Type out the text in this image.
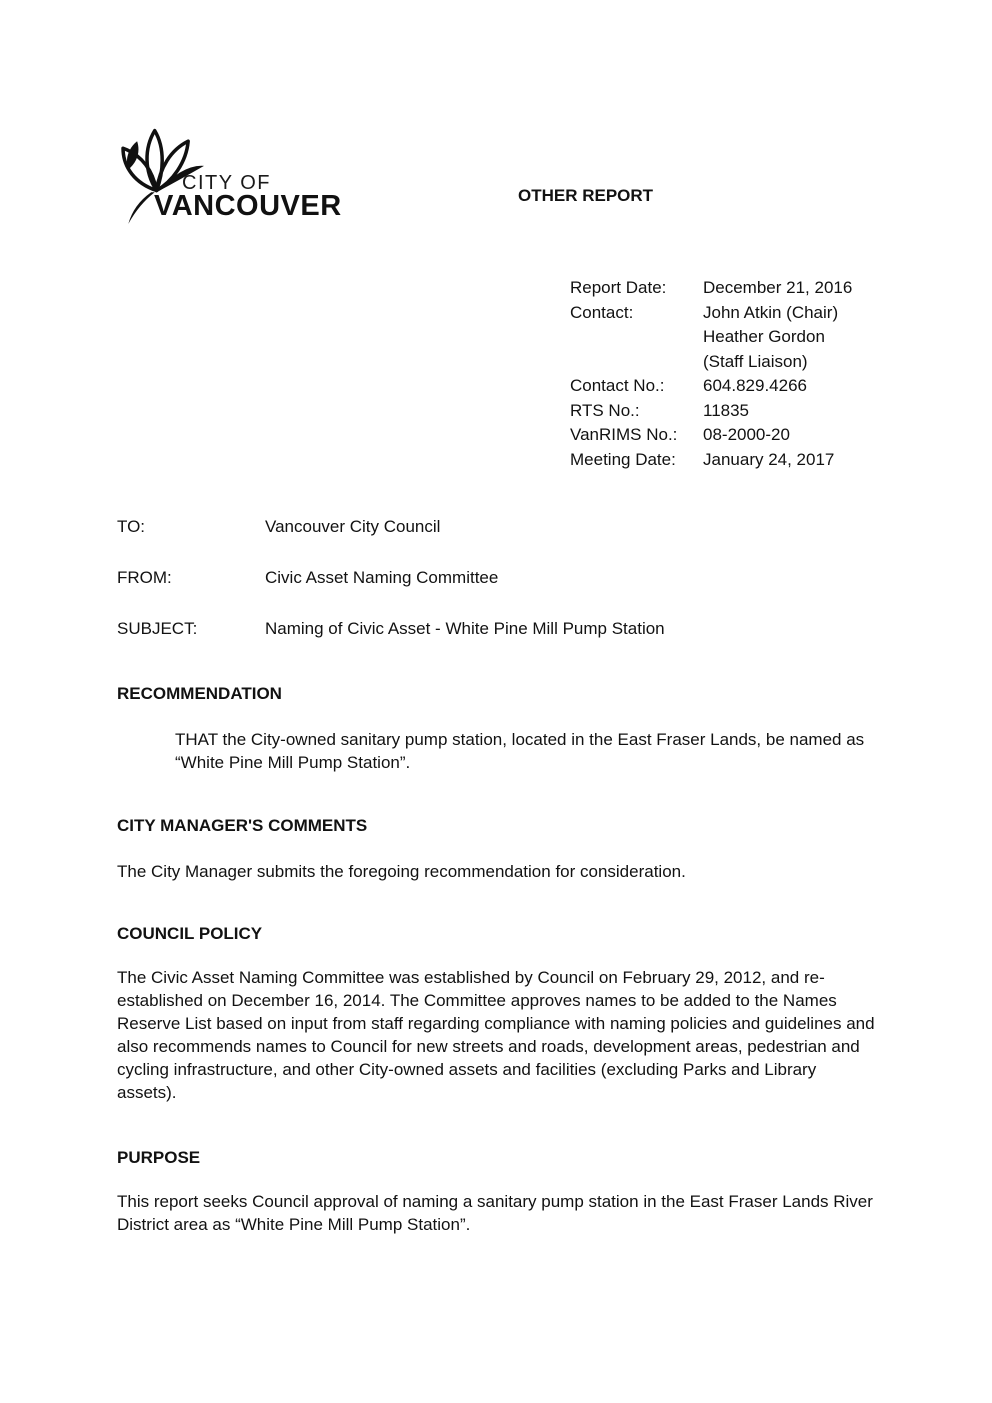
CITY OF
VANCOUVER	OTHER REPORT
Report Date:	December 21, 2016
Contact:	John Atkin (Chair)
Heather Gordon
(Staff Liaison)
Contact No.:	604.829.4266
RTS No.:	11835
VanRIMS No.:	08-2000-20
Meeting Date:	January 24, 2017
TO:	Vancouver City Council
FROM:	Civic Asset Naming Committee
SUBJECT:	Naming of Civic Asset - White Pine Mill Pump Station
RECOMMENDATION
THAT the City-owned sanitary pump station, located in the East Fraser Lands, be named as “White Pine Mill Pump Station”.
CITY MANAGER'S COMMENTS
The City Manager submits the foregoing recommendation for consideration.
COUNCIL POLICY
The Civic Asset Naming Committee was established by Council on February 29, 2012, and re-established on December 16, 2014. The Committee approves names to be added to the Names Reserve List based on input from staff regarding compliance with naming policies and guidelines and also recommends names to Council for new streets and roads, development areas, pedestrian and cycling infrastructure, and other City-owned assets and facilities (excluding Parks and Library assets).
PURPOSE
This report seeks Council approval of naming a sanitary pump station in the East Fraser Lands River District area as “White Pine Mill Pump Station”.
